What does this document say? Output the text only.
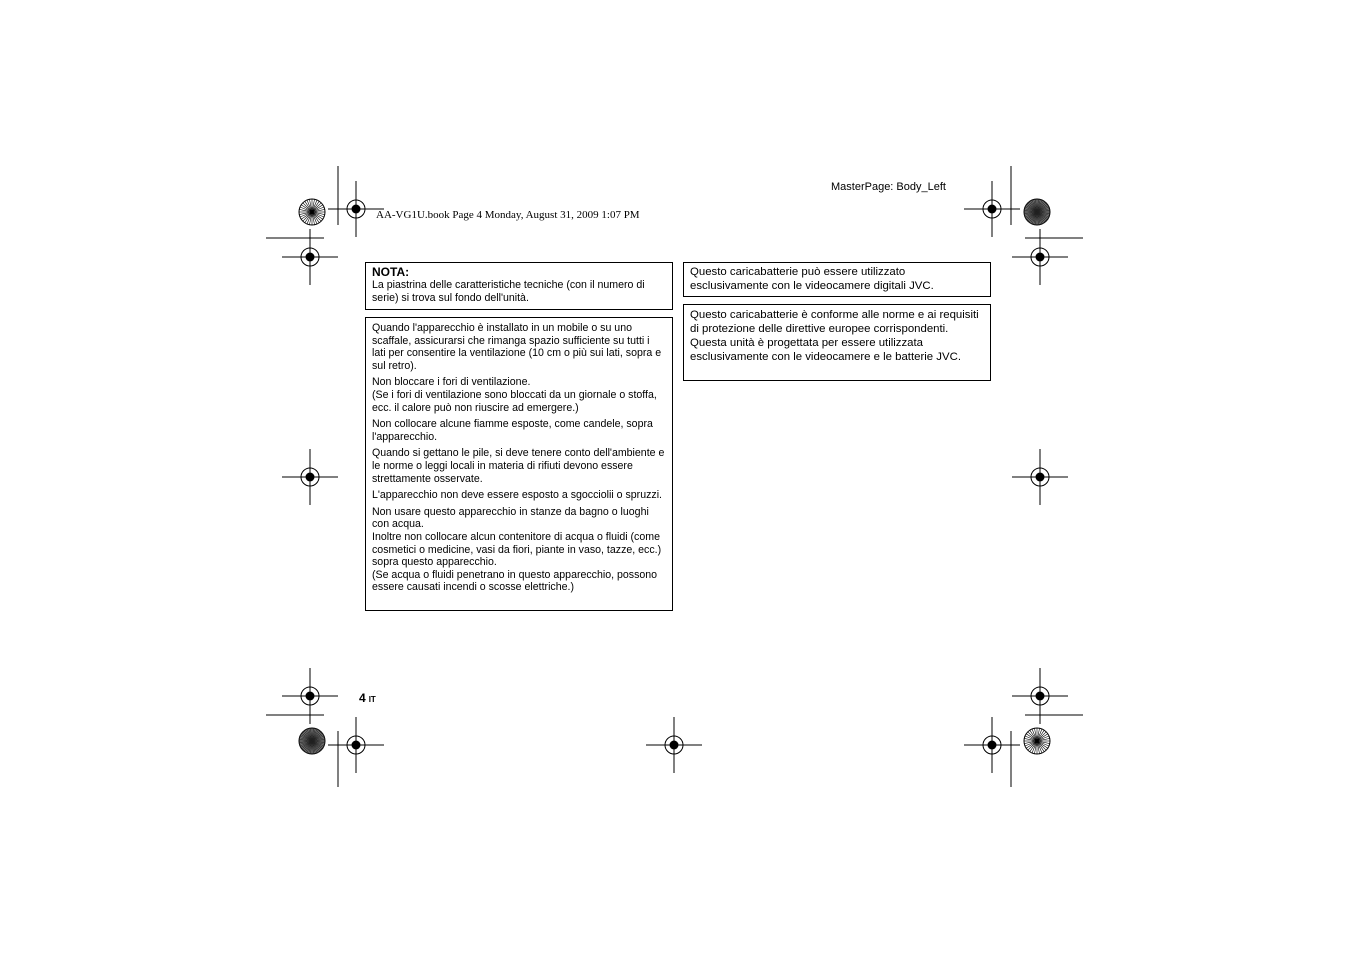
MasterPage: Body_Left
AA-VG1U.book Page 4 Monday, August 31, 2009 1:07 PM
NOTA:
La piastrina delle caratteristiche tecniche (con il numero di serie) si trova sul fondo dell'unità.

Quando l'apparecchio è installato in un mobile o su uno scaffale, assicurarsi che rimanga spazio sufficiente su tutti i lati per consentire la ventilazione (10 cm o più sui lati, sopra e sul retro).

Non bloccare i fori di ventilazione.
(Se i fori di ventilazione sono bloccati da un giornale o stoffa, ecc. il calore può non riuscire ad emergere.)

Non collocare alcune fiamme esposte, come candele, sopra l'apparecchio.

Quando si gettano le pile, si deve tenere conto dell'ambiente e le norme o leggi locali in materia di rifiuti devono essere strettamente osservate.

L'apparecchio non deve essere esposto a sgocciolii o spruzzi.

Non usare questo apparecchio in stanze da bagno o luoghi con acqua.
Inoltre non collocare alcun contenitore di acqua o fluidi (come cosmetici o medicine, vasi da fiori, piante in vaso, tazze, ecc.) sopra questo apparecchio.
(Se acqua o fluidi penetrano in questo apparecchio, possono essere causati incendi o scosse elettriche.)

Questo caricabatterie può essere utilizzato esclusivamente con le videocamere digitali JVC.
Questo caricabatterie è conforme alle norme e ai requisiti di protezione delle direttive europee corrispondenti.
Questa unità è progettata per essere utilizzata esclusivamente con le videocamere e le batterie JVC.
4 IT
